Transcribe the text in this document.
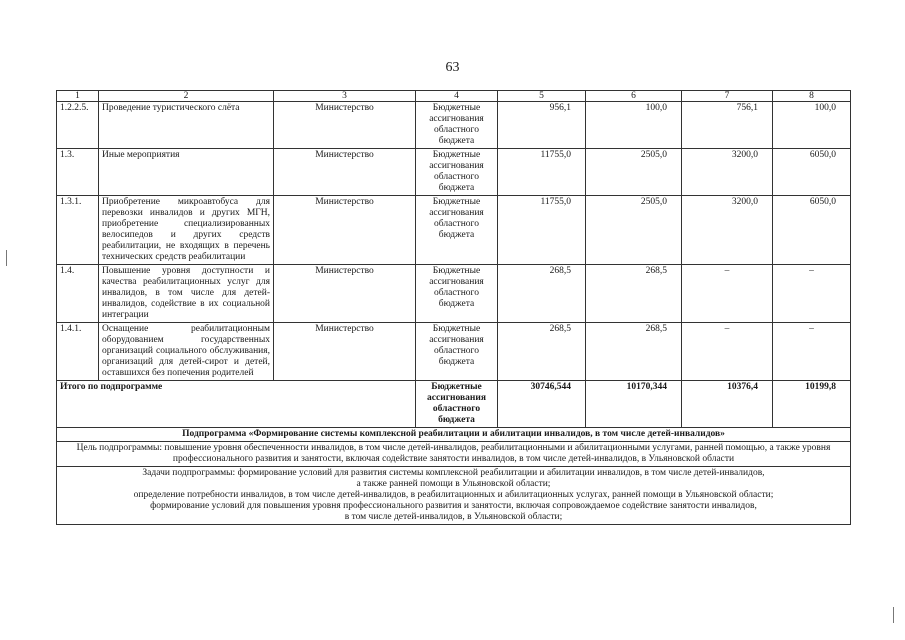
63
1	2	3	4	5	6	7	8
1.2.2.5.	Проведение туристического слёта	Министерство	Бюджетные ассигнования областного бюджета	956,1	100,0	756,1	100,0
1.3.	Иные мероприятия	Министерство	Бюджетные ассигнования областного бюджета	11755,0	2505,0	3200,0	6050,0
1.3.1.	Приобретение микроавтобуса для перевозки инвалидов и других МГН, приобретение специализированных велосипедов и других средств реабилитации, не входящих в перечень технических средств реабилитации	Министерство	Бюджетные ассигнования областного бюджета	11755,0	2505,0	3200,0	6050,0
1.4.	Повышение уровня доступности и качества реабилитационных услуг для инвалидов, в том числе для детей-инвалидов, содействие в их социальной интеграции	Министерство	Бюджетные ассигнования областного бюджета	268,5	268,5	–	–
1.4.1.	Оснащение реабилитационным оборудованием государственных организаций социального обслуживания, организаций для детей-сирот и детей, оставшихся без попечения родителей	Министерство	Бюджетные ассигнования областного бюджета	268,5	268,5	–	–
Итого по подпрограмме			Бюджетные ассигнования областного бюджета	30746,544	10170,344	10376,4	10199,8
Подпрограмма «Формирование системы комплексной реабилитации и абилитации инвалидов, в том числе детей-инвалидов»							
Цель подпрограммы: повышение уровня обеспеченности инвалидов, в том числе детей-инвалидов, реабилитационными и абилитационными услугами, ранней помощью, а также уровня профессионального развития и занятости, включая содействие занятости инвалидов, в том числе детей-инвалидов, в Ульяновской области							
Задачи подпрограммы: формирование условий для развития системы комплексной реабилитации и абилитации инвалидов, в том числе детей-инвалидов,
а также ранней помощи в Ульяновской области;
определение потребности инвалидов, в том числе детей-инвалидов, в реабилитационных и абилитационных услугах, ранней помощи в Ульяновской области;
формирование условий для повышения уровня профессионального развития и занятости, включая сопровождаемое содействие занятости инвалидов,
в том числе детей-инвалидов, в Ульяновской области;							
